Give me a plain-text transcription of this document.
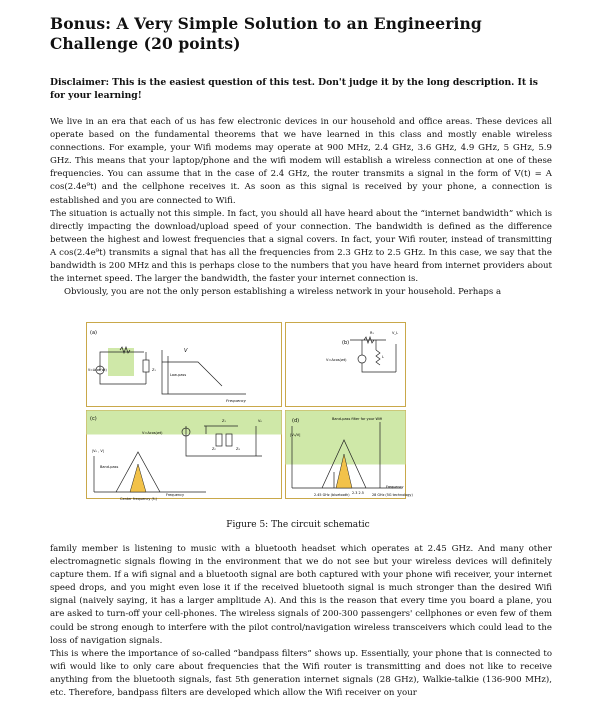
Bonus: A Very Simple Solution to an Engineering Challenge (20 points)
Disclaimer: This is the easiest question of this test. Don't judge it by the long description. It is for your learning!

We live in an era that each of us has few electronic devices in our household and office areas. These devices all operate based on the fundamental theorems that we have learned in this class and mostly enable wireless connections. For example, your Wifi modems may operate at 900 MHz, 2.4 GHz, 3.6 GHz, 4.9 GHz, 5 GHz, 5.9 GHz. This means that your laptop/phone and the wifi modem will establish a wireless connection at one of these frequencies. You can assume that in the case of 2.4 GHz, the router transmits a signal in the form of V(t) = A cos(2.4e⁹t) and the cellphone receives it. As soon as this signal is received by your phone, a connection is established and you are connected to Wifi.

The situation is actually not this simple. In fact, you should all have heard about the “internet bandwidth” which is directly impacting the download/upload speed of your connection. The bandwidth is defined as the difference between the highest and lowest frequencies that a signal covers. In fact, your Wifi router, instead of transmitting A cos(2.4e⁹t) transmits a signal that has all the frequencies from 2.3 GHz to 2.5 GHz. In this case, we say that the bandwidth is 200 MHz and this is perhaps close to the numbers that you have heard from internet providers about the internet speed. The larger the bandwidth, the faster your internet connection is.

Obviously, you are not the only person establishing a wireless network in your household. Perhaps a

(a)
V=Acos(wt)	Z₁
Low-pass
V
Frequency
(b)
V=Acos(wt)
R₁	V_L
L
(c)
V=Acos(wt)
Z₁
Z₂	Z₃
V₀
|V₀ , V|
Band-pass
Center frequency (f₀)
Frequency
(d)
|V₀/V|
Band-pass filter for your Wifi
2.45 GHz (bluetooth) 2.3 2.5 28 GHz (5G technology)
Frequency
Figure 5: The circuit schematic

family member is listening to music with a bluetooth headset which operates at 2.45 GHz. And many other electromagnetic signals flowing in the environment that we do not see but your wireless devices will definitely capture them. If a wifi signal and a bluetooth signal are both captured with your phone wifi receiver, your internet speed drops, and you might even lose it if the received bluetooth signal is much stronger than the desired Wifi signal (naively saying, it has a larger amplitude A). And this is the reason that every time you board a plane, you are asked to turn-off your cell-phones. The wireless signals of 200-300 passengers' cellphones or even few of them could be strong enough to interfere with the pilot control/navigation wireless transceivers which could lead to the loss of navigation signals.

This is where the importance of so-called “bandpass filters” shows up. Essentially, your phone that is connected to wifi would like to only care about frequencies that the Wifi router is transmitting and does not like to receive anything from the bluetooth signals, fast 5th generation internet signals (28 GHz), Walkie-talkie (136-900 MHz), etc. Therefore, bandpass filters are developed which allow the Wifi receiver on your
